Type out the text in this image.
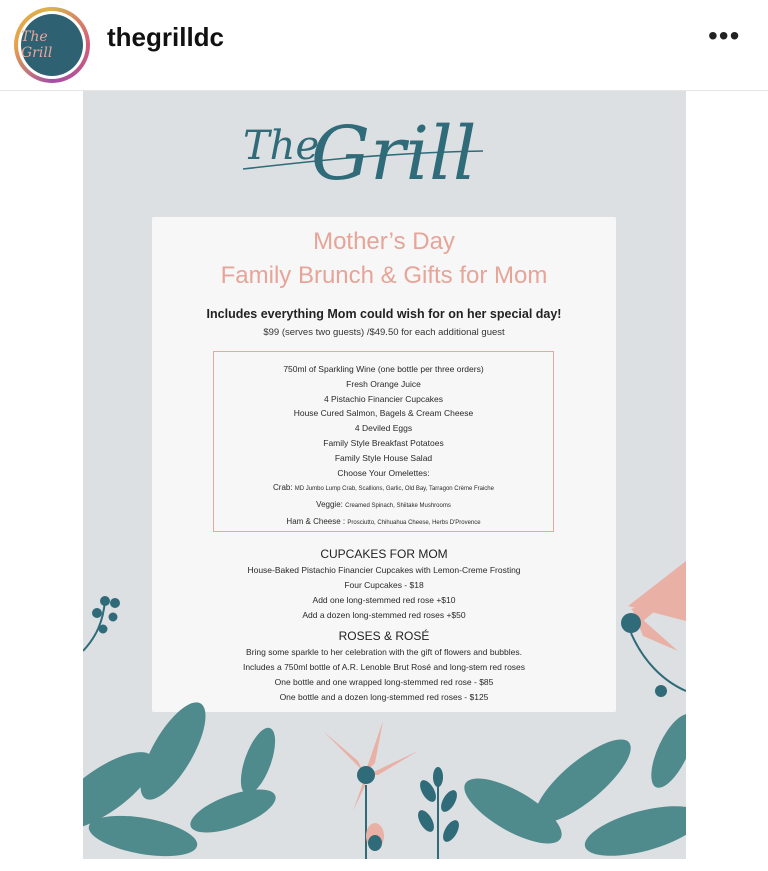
The Grill
thegrilldc	•••
The
Grill
Mother’s Day
Family Brunch & Gifts for Mom
Includes everything Mom could wish for on her special day!
$99 (serves two guests) /$49.50 for each additional guest
750ml of Sparkling Wine (one bottle per three orders)
Fresh Orange Juice
4 Pistachio Financier Cupcakes
House Cured Salmon, Bagels & Cream Cheese
4 Deviled Eggs
Family Style Breakfast Potatoes
Family Style House Salad
Choose Your Omelettes:
Crab: MD Jumbo Lump Crab, Scallions, Garlic, Old Bay, Tarragon Crème Fraiche
Veggie: Creamed Spinach, Shiitake Mushrooms
Ham & Cheese : Prosciutto, Chihuahua Cheese, Herbs D'Provence
CUPCAKES FOR MOM
House-Baked Pistachio Financier Cupcakes with Lemon-Creme Frosting
Four Cupcakes - $18
Add one long-stemmed red rose +$10
Add a dozen long-stemmed red roses +$50
ROSES & ROSÉ
Bring some sparkle to her celebration with the gift of flowers and bubbles.
Includes a 750ml bottle of A.R. Lenoble Brut Rosé and long-stem red roses
One bottle and one wrapped long-stemmed red rose - $85
One bottle and a dozen long-stemmed red roses - $125
